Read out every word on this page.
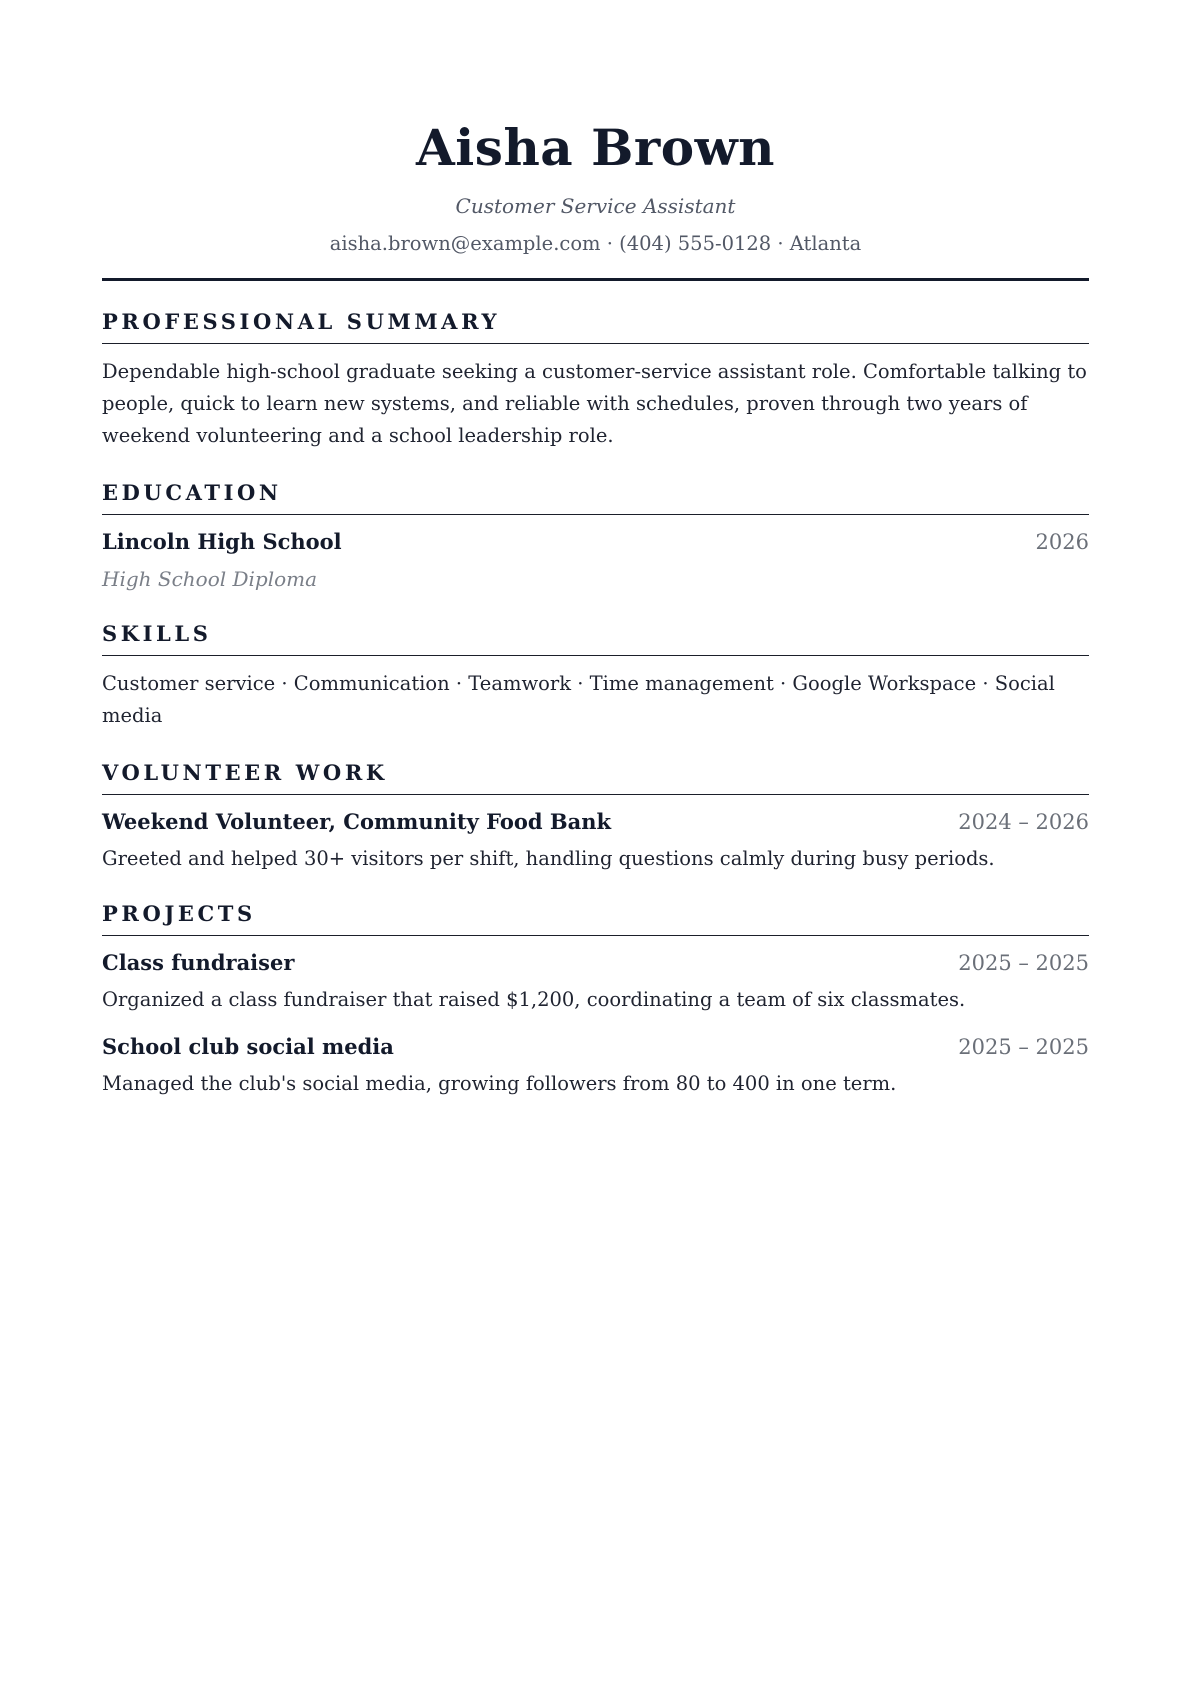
Aisha Brown
Customer Service Assistant
aisha.brown@example.com · (404) 555-0128 · Atlanta
PROFESSIONAL SUMMARY

Dependable high-school graduate seeking a customer-service assistant role. Comfortable talking to people, quick to learn new systems, and reliable with schedules, proven through two years of weekend volunteering and a school leadership role.

EDUCATION
Lincoln High School	2026
High School Diploma
SKILLS

Customer service · Communication · Teamwork · Time management · Google Workspace · Social media

VOLUNTEER WORK
Weekend Volunteer, Community Food Bank	2024 – 2026
Greeted and helped 30+ visitors per shift, handling questions calmly during busy periods.
PROJECTS
Class fundraiser	2025 – 2025
Organized a class fundraiser that raised $1,200, coordinating a team of six classmates.
School club social media	2025 – 2025
Managed the club's social media, growing followers from 80 to 400 in one term.
